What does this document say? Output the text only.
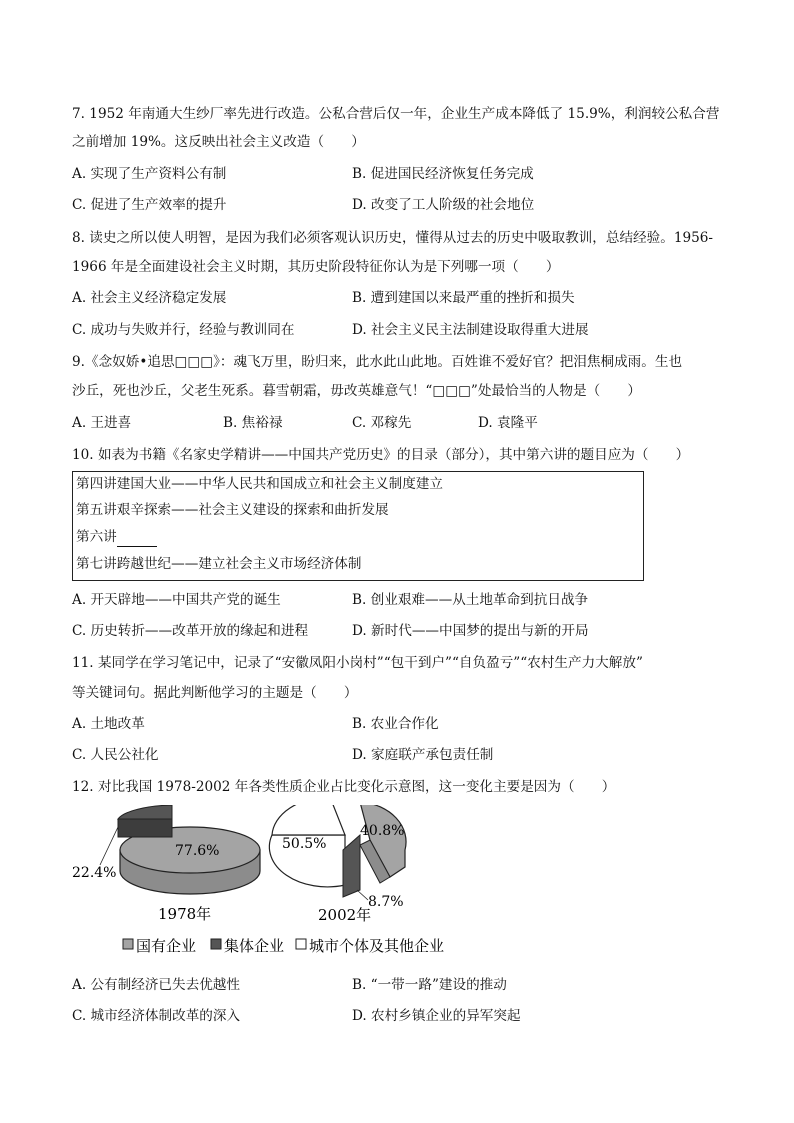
7. 1952 年南通大生纱厂率先进行改造。公私合营后仅一年，企业生产成本降低了 15.9%，利润较公私合营
之前增加 19%。这反映出社会主义改造（　　）
A. 实现了生产资料公有制	B. 促进国民经济恢复任务完成
C. 促进了生产效率的提升	D. 改变了工人阶级的社会地位
8. 读史之所以使人明智，是因为我们必须客观认识历史，懂得从过去的历史中吸取教训，总结经验。1956-
1966 年是全面建设社会主义时期，其历史阶段特征你认为是下列哪一项（　　）
A. 社会主义经济稳定发展	B. 遭到建国以来最严重的挫折和损失
C. 成功与失败并行，经验与教训同在	D. 社会主义民主法制建设取得重大进展
9.《念奴娇•追思□□□》：魂飞万里，盼归来，此水此山此地。百姓谁不爱好官？把泪焦桐成雨。生也
沙丘，死也沙丘，父老生死系。暮雪朝霜，毋改英雄意气！“□□□”处最恰当的人物是（　　）
A. 王进喜	B. 焦裕禄	C. 邓稼先	D. 袁隆平
10. 如表为书籍《名家史学精讲——中国共产党历史》的目录（部分），其中第六讲的题目应为（　　）
第四讲建国大业——中华人民共和国成立和社会主义制度建立
第五讲艰辛探索——社会主义建设的探索和曲折发展
第六讲
第七讲跨越世纪——建立社会主义市场经济体制
A. 开天辟地——中国共产党的诞生	B. 创业艰难——从土地革命到抗日战争
C. 历史转折——改革开放的缘起和进程	D. 新时代——中国梦的提出与新的开局
11. 某同学在学习笔记中，记录了“安徽凤阳小岗村”“包干到户”“自负盈亏”“农村生产力大解放”
等关键词句。据此判断他学习的主题是（　　）
A. 土地改革	B. 农业合作化
C. 人民公社化	D. 家庭联产承包责任制
12. 对比我国 1978-2002 年各类性质企业占比变化示意图，这一变化主要是因为（　　）
22.4%
77.6%
1978年
50.5%
40.8%
8.7%
2002年
国有企业 集体企业 城市个体及其他企业
A. 公有制经济已失去优越性	B. “一带一路”建设的推动
C. 城市经济体制改革的深入	D. 农村乡镇企业的异军突起
